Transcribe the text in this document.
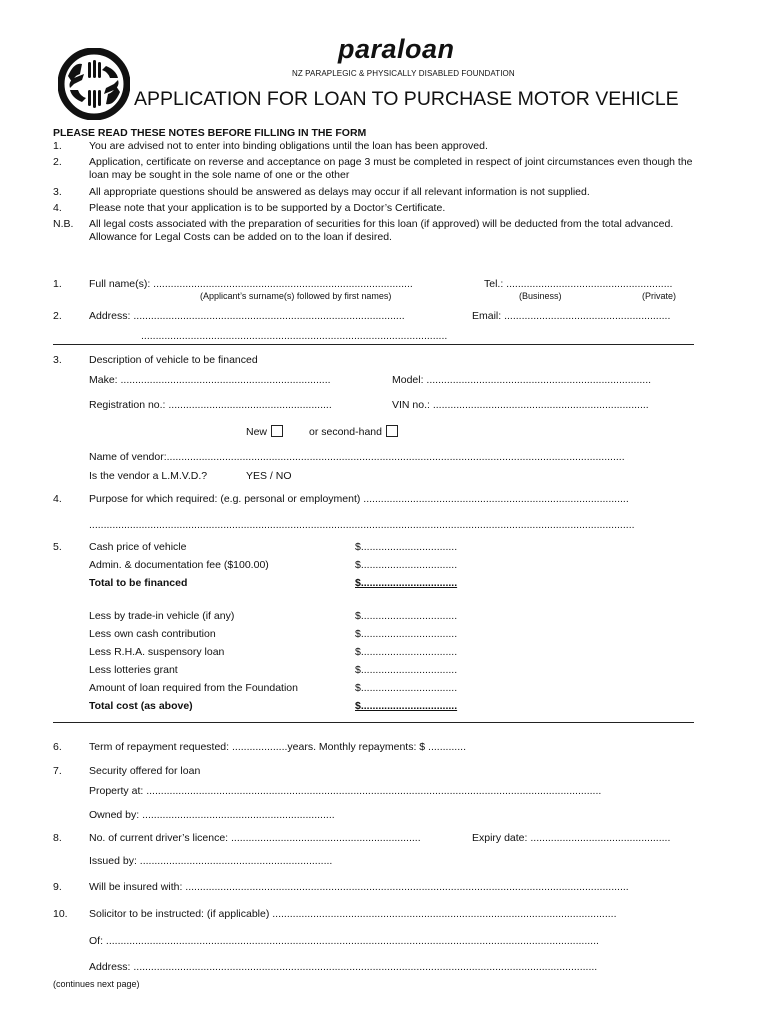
paraloan
NZ PARAPLEGIC & PHYSICALLY DISABLED FOUNDATION
APPLICATION FOR LOAN TO PURCHASE MOTOR VEHICLE
PLEASE READ THESE NOTES BEFORE FILLING IN THE FORM
1.	You are advised not to enter into binding obligations until the loan has been approved.
2.	Application, certificate on reverse and acceptance on page 3 must be completed in respect of joint circumstances even though the loan may be sought in the sole name of one or the other
3.	All appropriate questions should be answered as delays may occur if all relevant information is not supplied.
4.	Please note that your application is to be supported by a Doctor’s Certificate.
N.B. All legal costs associated with the preparation of securities for this loan (if approved) will be deducted from the total advanced. Allowance for Legal Costs can be added on to the loan if desired.
1.	Full name(s): .........................................................................................	Tel.: .........................................................
(Applicant’s surname(s) followed by first names)	(Business)	(Private)
2.	Address: .............................................................................................	Email: .........................................................
.........................................................................................................
3.	Description of vehicle to be financed
Make: ........................................................................	Model: .............................................................................
Registration no.: ........................................................	VIN no.: ..........................................................................
New	or second-hand
Name of vendor:.............................................................................................................................................................
Is the vendor a L.M.V.D.?	YES / NO
4.	Purpose for which required: (e.g. personal or employment) ...........................................................................................
...........................................................................................................................................................................................
5.	Cash price of vehicle	$.................................
Admin. & documentation fee ($100.00)	$.................................
Total to be financed	$.................................
Less by trade-in vehicle (if any)	$.................................
Less own cash contribution	$.................................
Less R.H.A. suspensory loan	$.................................
Less lotteries grant	$.................................
Amount of loan required from the Foundation	$.................................
Total cost (as above)	$.................................
6.	Term of repayment requested: ...................years. Monthly repayments: $ .............
7.	Security offered for loan
Property at: ............................................................................................................................................................
Owned by: ..................................................................
8.	No. of current driver’s licence: .................................................................	Expiry date: ................................................
Issued by: ..................................................................
9.	Will be insured with: ........................................................................................................................................................
10. Solicitor to be instructed: (if applicable) ......................................................................................................................
Of: .........................................................................................................................................................................
Address: ...............................................................................................................................................................
(continues next page)
